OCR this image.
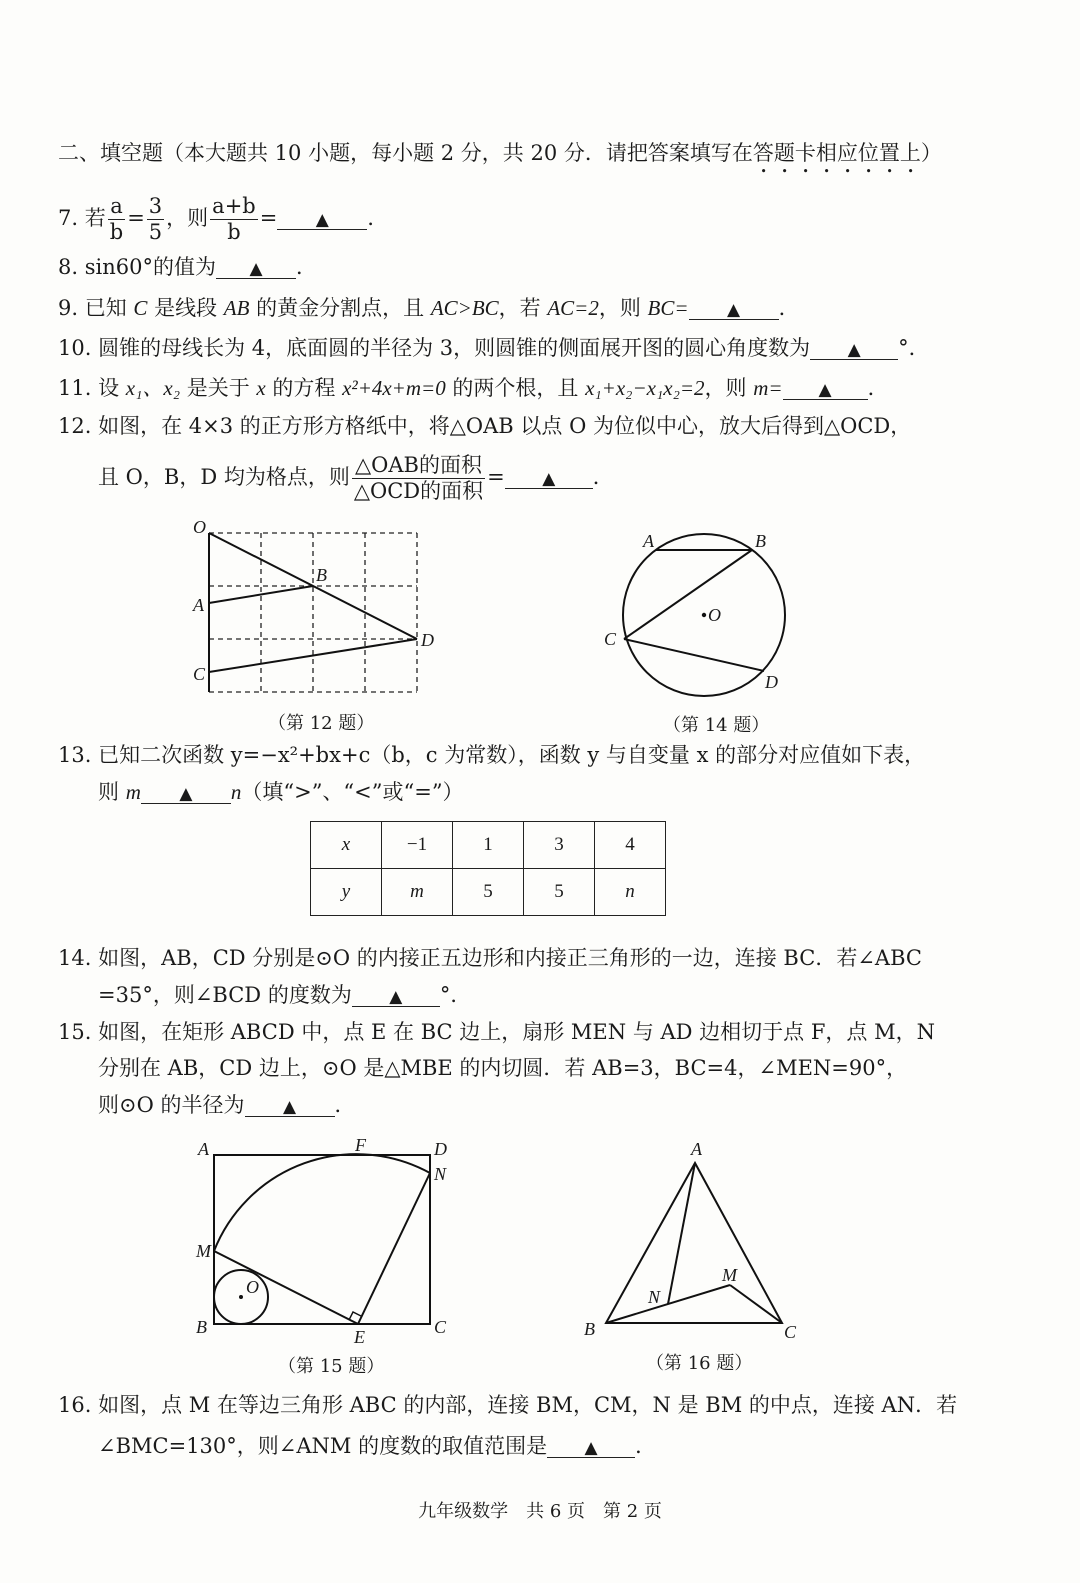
二、填空题（本大题共 10 小题，每小题 2 分，共 20 分．请把答案填写在答题卡相应位置上）
7. 若 $\frac{a}{b} = \frac{3}{5}$ ，则 $\frac{a+b}{b}$ = ▲ ．
8. sin60°的值为 ▲ ．
9. 已知 C 是线段 AB 的黄金分割点，且 AC>BC，若 AC=2，则 BC= ▲ ．
10. 圆锥的母线长为 4，底面圆的半径为 3，则圆锥的侧面展开图的圆心角度数为 ▲ °．
11. 设 x₁、x₂ 是关于 x 的方程 x²+4x+m=0 的两个根，且 x₁+x₂−x₁x₂=2，则 m= ▲ ．
12. 如图，在 4×3 的正方形方格纸中，将△OAB 以点 O 为位似中心，放大后得到△OCD，
且 O，B，D 均为格点，则 $\frac{\text{△OAB的面积}}{\text{△OCD的面积}}$ = ▲ ．
O
A
B
C
D
（第 12 题）
A	B
O
C
D
（第 14 题）
13. 已知二次函数 y=−x²+bx+c（b，c 为常数），函数 y 与自变量 x 的部分对应值如下表，
则 m ▲ n（填“>”、“<”或“=”）
x	−1	1	3	4
y	m	5	5	n
14. 如图，AB，CD 分别是⊙O 的内接正五边形和内接正三角形的一边，连接 BC．若∠ABC
=35°，则∠BCD 的度数为 ▲ °．
15. 如图，在矩形 ABCD 中，点 E 在 BC 边上，扇形 MEN 与 AD 边相切于点 F，点 M，N
分别在 AB，CD 边上，⊙O 是△MBE 的内切圆．若 AB=3，BC=4，∠MEN=90°，
则⊙O 的半径为 ▲ ．
A	F	D
N
M
O
B	E	C
（第 15 题）
A
M
N
B	C
（第 16 题）
16. 如图，点 M 在等边三角形 ABC 的内部，连接 BM，CM，N 是 BM 的中点，连接 AN．若
∠BMC=130°，则∠ANM 的度数的取值范围是 ▲ ．
九年级数学　共 6 页　第 2 页
